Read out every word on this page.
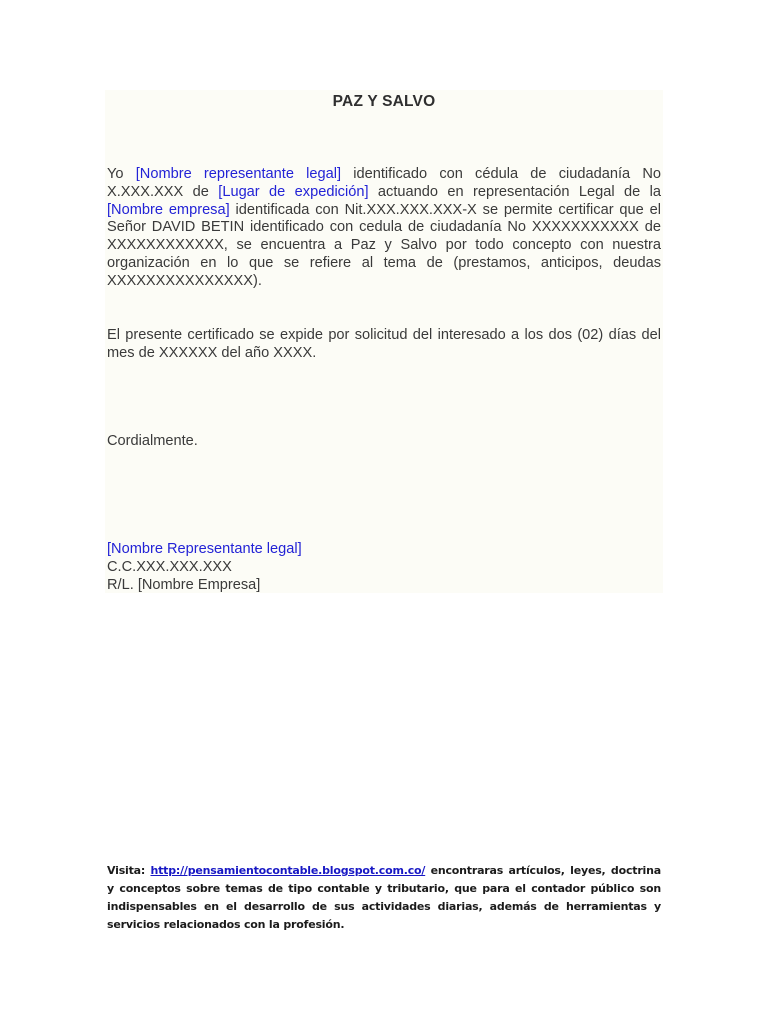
PAZ Y SALVO

Yo [Nombre representante legal] identificado con cédula de ciudadanía No X.XXX.XXX de [Lugar de expedición] actuando en representación Legal de la [Nombre empresa] identificada con Nit.XXX.XXX.XXX-X se permite certificar que el Señor DAVID BETIN identificado con cedula de ciudadanía No XXXXXXXXXXX de XXXXXXXXXXXX, se encuentra a Paz y Salvo por todo concepto con nuestra organización en lo que se refiere al tema de (prestamos, anticipos, deudas XXXXXXXXXXXXXXX).

El presente certificado se expide por solicitud del interesado a los dos (02) días del mes de XXXXXX del año XXXX.

Cordialmente.
[Nombre Representante legal]
C.C.XXX.XXX.XXX
R/L. [Nombre Empresa]
Visita: http://pensamientocontable.blogspot.com.co/ encontraras artículos, leyes, doctrina y conceptos sobre temas de tipo contable y tributario, que para el contador público son indispensables en el desarrollo de sus actividades diarias, además de herramientas y servicios relacionados con la profesión.
